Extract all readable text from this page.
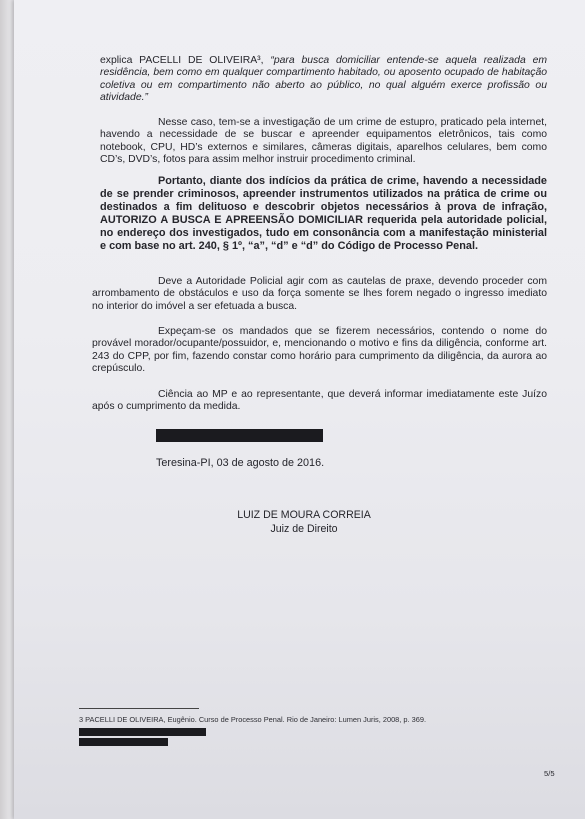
explica PACELLI DE OLIVEIRA³, “para busca domiciliar entende-se aquela realizada em residência, bem como em qualquer compartimento habitado, ou aposento ocupado de habitação coletiva ou em compartimento não aberto ao público, no qual alguém exerce profissão ou atividade.”
Nesse caso, tem-se a investigação de um crime de estupro, praticado pela internet, havendo a necessidade de se buscar e apreender equipamentos eletrônicos, tais como notebook, CPU, HD’s externos e similares, câmeras digitais, aparelhos celulares, bem como CD’s, DVD’s, fotos para assim melhor instruir procedimento criminal.
Portanto, diante dos indícios da prática de crime, havendo a necessidade de se prender criminosos, apreender instrumentos utilizados na prática de crime ou destinados a fim delituoso e descobrir objetos necessários à prova de infração, AUTORIZO A BUSCA E APREENSÃO DOMICILIAR requerida pela autoridade policial, no endereço dos investigados, tudo em consonância com a manifestação ministerial e com base no art. 240, § 1º, “a”, “d” e “d” do Código de Processo Penal.
Deve a Autoridade Policial agir com as cautelas de praxe, devendo proceder com arrombamento de obstáculos e uso da força somente se lhes forem negado o ingresso imediato no interior do imóvel a ser efetuada a busca.
Expeçam-se os mandados que se fizerem necessários, contendo o nome do provável morador/ocupante/possuidor, e, mencionando o motivo e fins da diligência, conforme art. 243 do CPP, por fim, fazendo constar como horário para cumprimento da diligência, da aurora ao crepúsculo.
Ciência ao MP e ao representante, que deverá informar imediatamente este Juízo após o cumprimento da medida.
Teresina-PI, 03 de agosto de 2016.
LUIZ DE MOURA CORREIA
Juiz de Direito
3 PACELLI DE OLIVEIRA, Eugênio. Curso de Processo Penal. Rio de Janeiro: Lumen Juris, 2008, p. 369.
5/5
